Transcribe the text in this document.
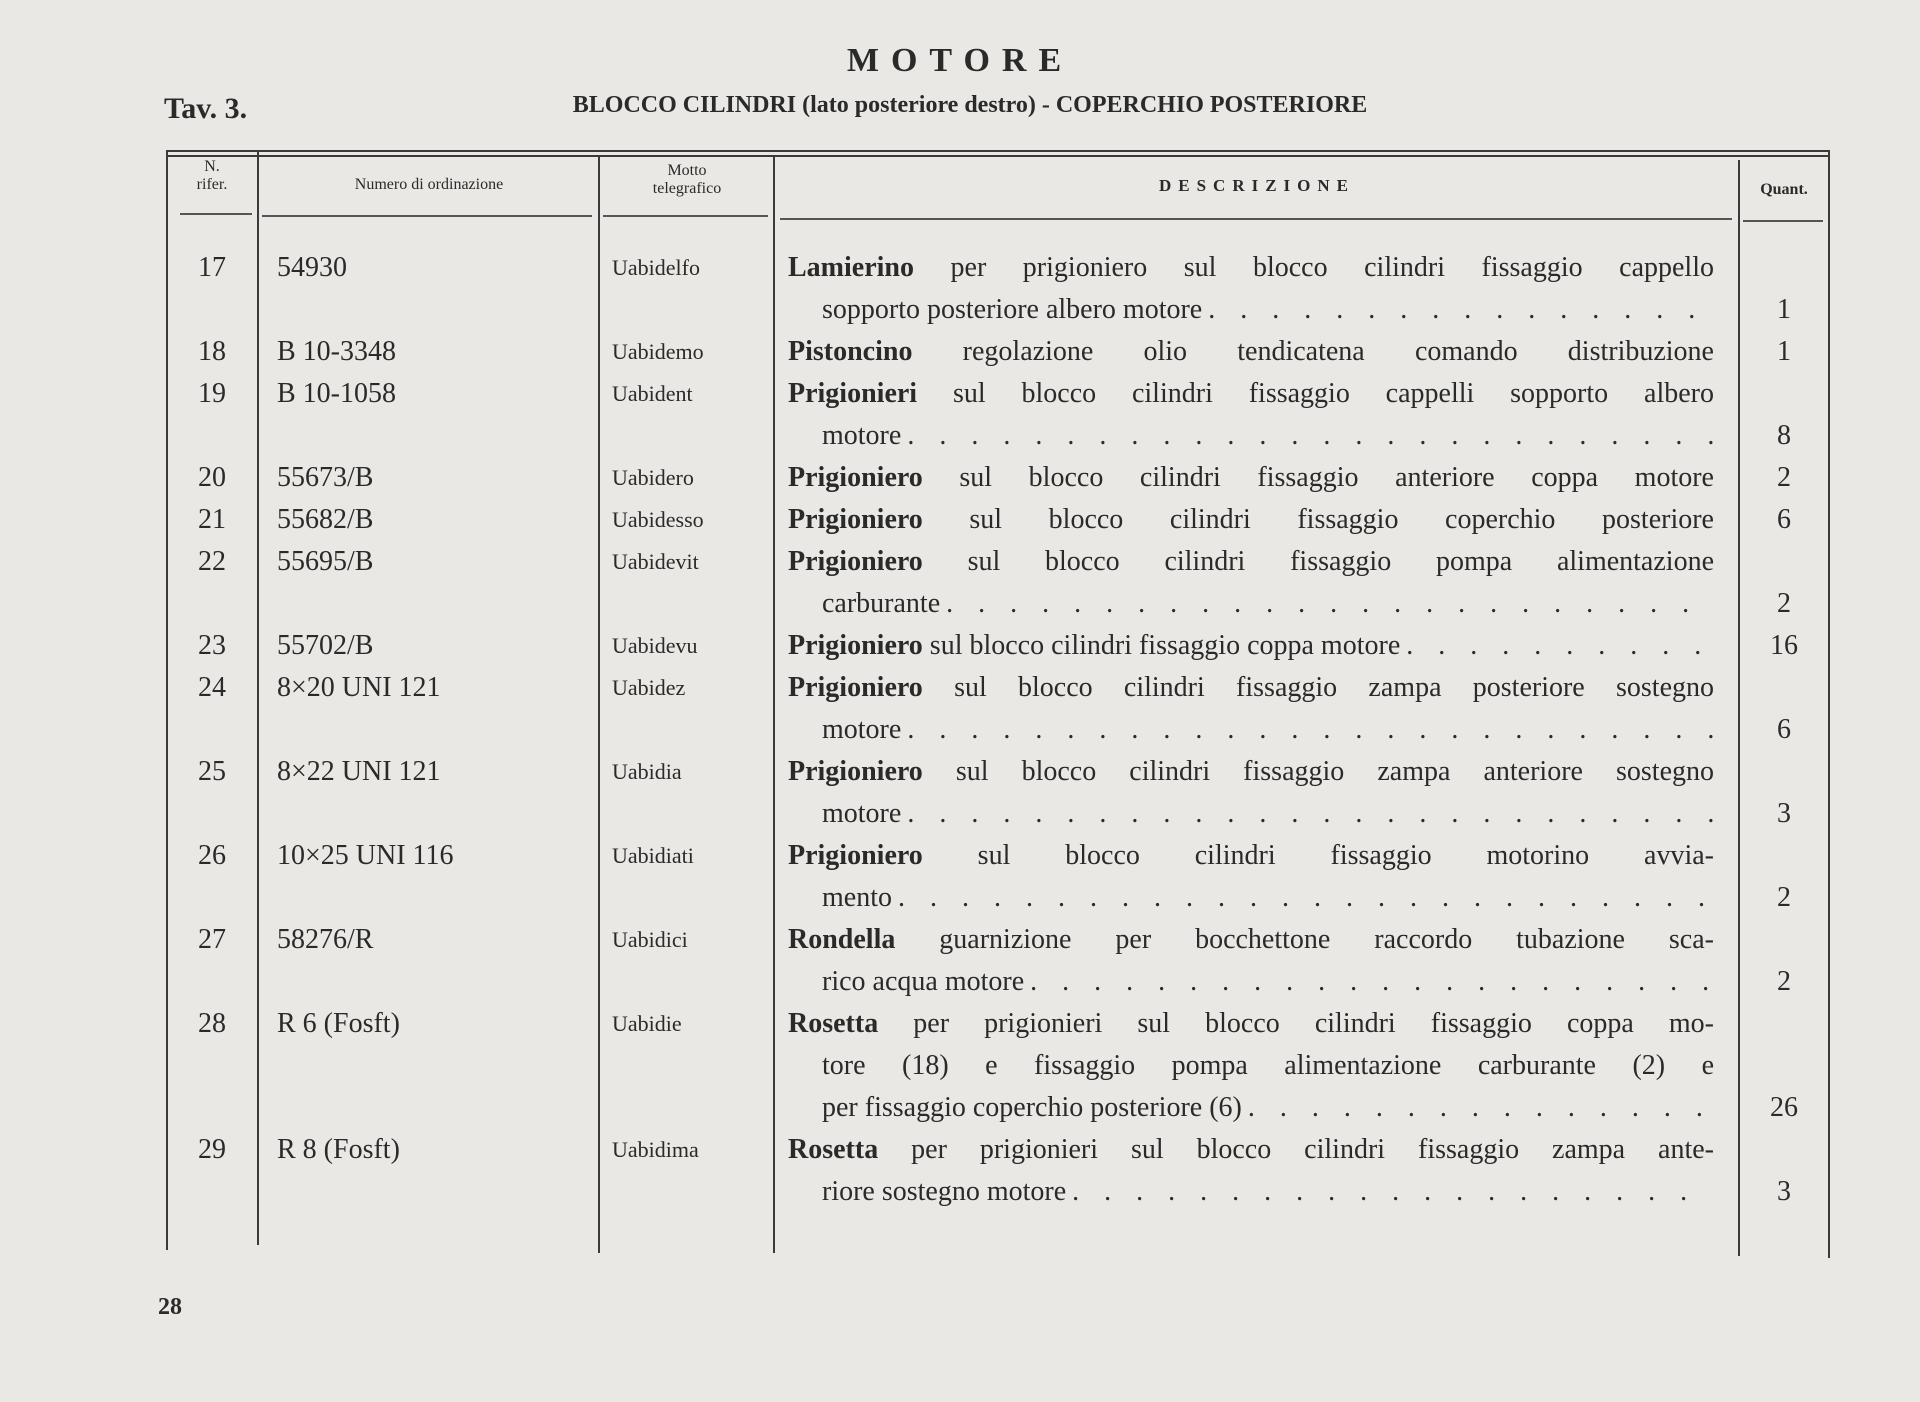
MOTORE
Tav. 3.	BLOCCO CILINDRI (lato posteriore destro) - COPERCHIO POSTERIORE
N.
rifer.	Numero di ordinazione
Motto
telegrafico	DESCRIZIONE	Quant.
17	54930	Uabidelfo	Lamierino per prigioniero sul blocco cilindri fissaggio cappello
sopporto posteriore albero motore . . .	1
18	B 10-3348	Uabidemo	Pistoncino regolazione olio tendicatena comando distribuzione	1
19	B 10-1058	Uabident	Prigionieri sul blocco cilindri fissaggio cappelli sopporto albero
motore . . .	8
20	55673/B	Uabidero	Prigioniero sul blocco cilindri fissaggio anteriore coppa motore	2
21	55682/B	Uabidesso	Prigioniero sul blocco cilindri fissaggio coperchio posteriore	6
22	55695/B	Uabidevit	Prigioniero sul blocco cilindri fissaggio pompa alimentazione
carburante . . .	2
23	55702/B	Uabidevu	Prigioniero sul blocco cilindri fissaggio coppa motore . . .	16
24	8×20 UNI 121	Uabidez	Prigioniero sul blocco cilindri fissaggio zampa posteriore sostegno
motore . . .	6
25	8×22 UNI 121	Uabidia	Prigioniero sul blocco cilindri fissaggio zampa anteriore sostegno
motore . . .	3
26	10×25 UNI 116	Uabidiati	Prigioniero sul blocco cilindri fissaggio motorino avvia-
mento . . .	2
27	58276/R	Uabidici	Rondella guarnizione per bocchettone raccordo tubazione sca-
rico acqua motore . . .	2
28	R 6 (Fosft)	Uabidie	Rosetta per prigionieri sul blocco cilindri fissaggio coppa mo-
tore (18) e fissaggio pompa alimentazione carburante (2) e
per fissaggio coperchio posteriore (6) . . .	26
29	R 8 (Fosft)	Uabidima	Rosetta per prigionieri sul blocco cilindri fissaggio zampa ante-
riore sostegno motore . . .	3
28
